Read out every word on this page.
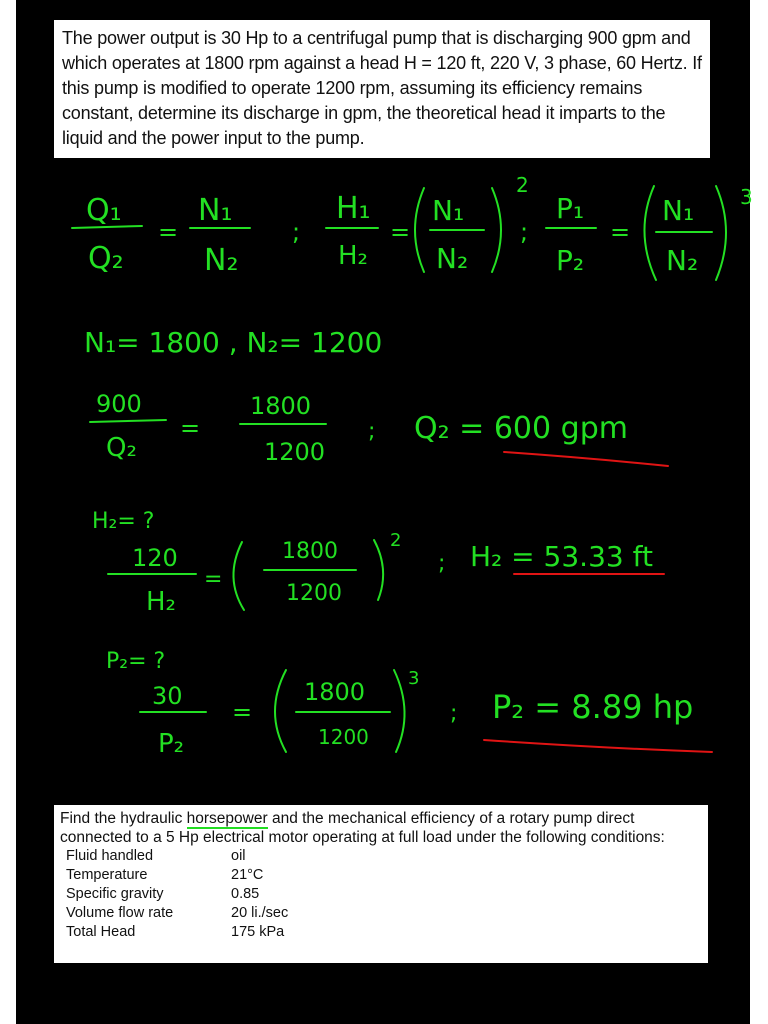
The power output is 30 Hp to a centrifugal pump that is discharging 900 gpm and which operates at 1800 rpm against a head H = 120 ft, 220 V, 3 phase, 60 Hertz. If this pump is modified to operate 1200 rpm, assuming its efficiency remains constant, determine its discharge in gpm, the theoretical head it imparts to the liquid and the power input to the pump.

Q₁
Q₂
=
N₁
N₂
;
H₁
H₂
=
N₁
N₂
2
;
P₁
P₂
=
N₁
N₂
3
N₁= 1800 , N₂= 1200
900
Q₂
=
1800
1200
; Q₂ = 600 gpm
H₂= ?
120
H₂
=
1800
1200
2
; H₂ = 53.33 ft
P₂= ?
30
P₂
=
1800
1200
3
; P₂ = 8.89 hp

Find the hydraulic horsepower and the mechanical efficiency of a rotary pump direct connected to a 5 Hp electrical motor operating at full load under the following conditions:

Fluid handled	oil
Temperature	21°C
Specific gravity	0.85
Volume flow rate	20 li./sec
Total Head	175 kPa
